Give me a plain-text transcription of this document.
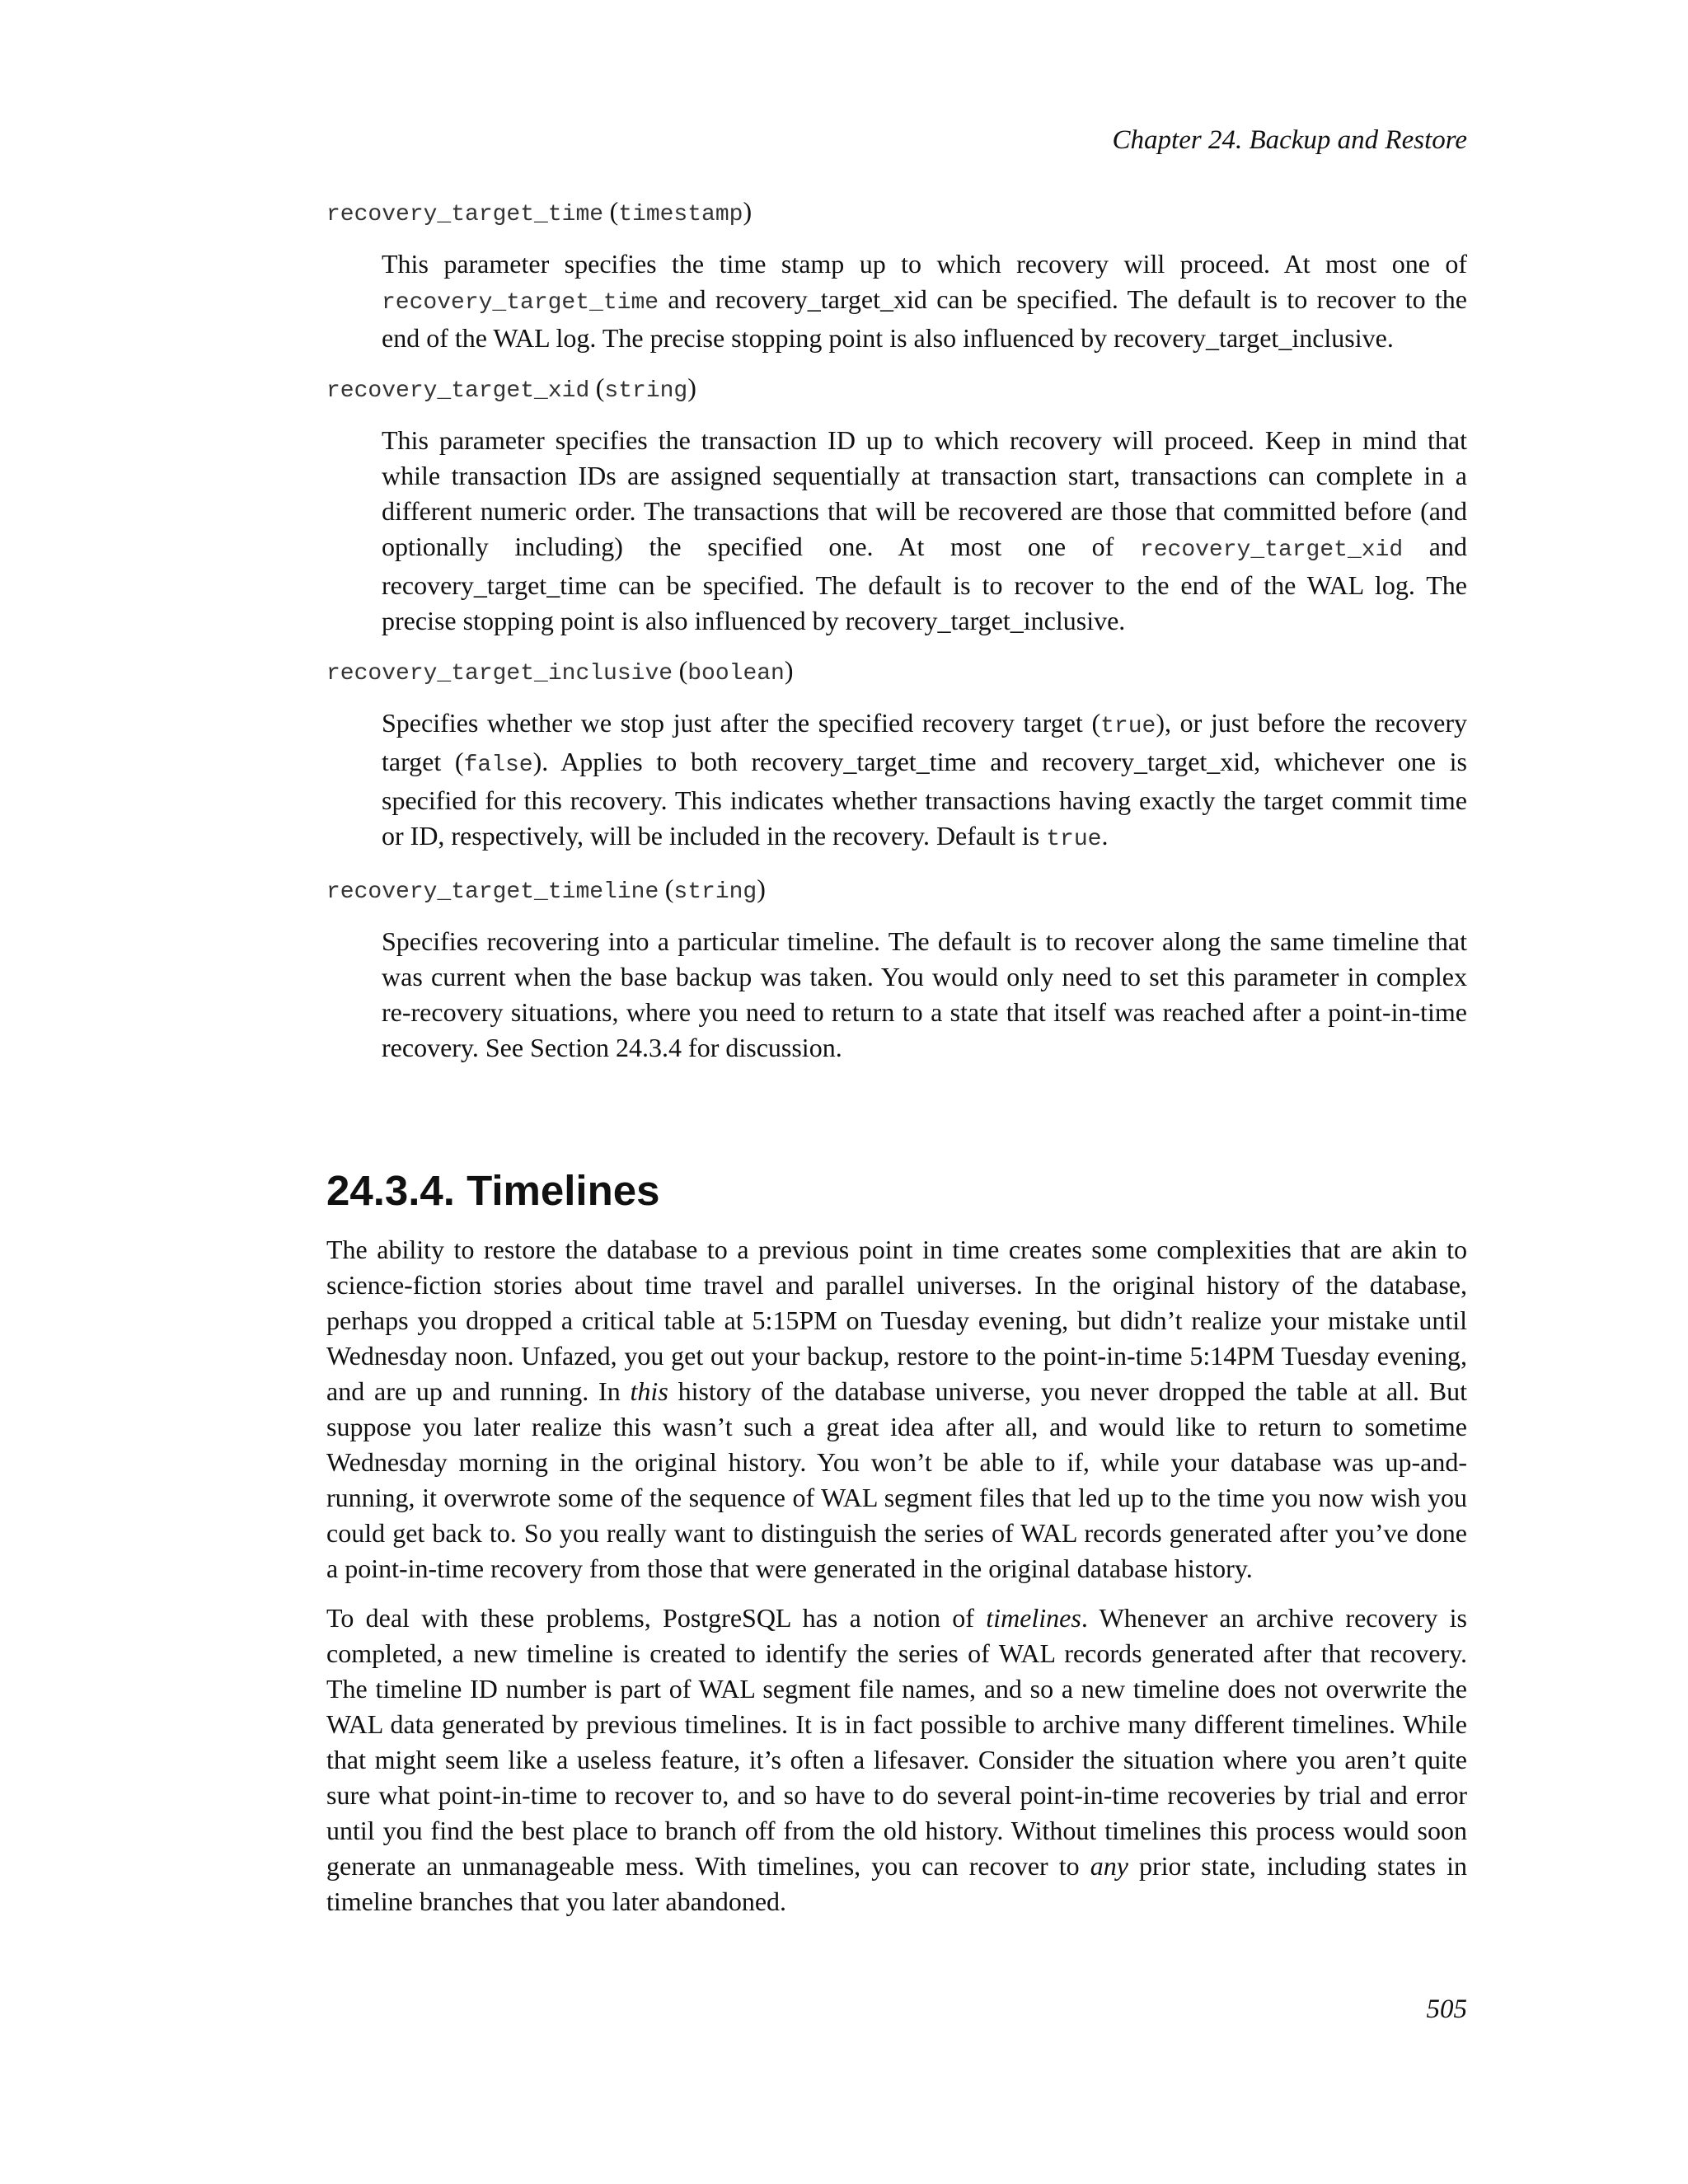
Chapter 24. Backup and Restore

recovery_target_time (timestamp)

This parameter specifies the time stamp up to which recovery will proceed. At most one of recovery_target_time and recovery_target_xid can be specified. The default is to recover to the end of the WAL log. The precise stopping point is also influenced by recovery_target_inclusive.

recovery_target_xid (string)

This parameter specifies the transaction ID up to which recovery will proceed. Keep in mind that while transaction IDs are assigned sequentially at transaction start, transactions can complete in a different numeric order. The transactions that will be recovered are those that committed before (and optionally including) the specified one. At most one of recovery_target_xid and recovery_target_time can be specified. The default is to recover to the end of the WAL log. The precise stopping point is also influenced by recovery_target_inclusive.

recovery_target_inclusive (boolean)

Specifies whether we stop just after the specified recovery target (true), or just before the recovery target (false). Applies to both recovery_target_time and recovery_target_xid, whichever one is specified for this recovery. This indicates whether transactions having exactly the target commit time or ID, respectively, will be included in the recovery. Default is true.

recovery_target_timeline (string)

Specifies recovering into a particular timeline. The default is to recover along the same timeline that was current when the base backup was taken. You would only need to set this parameter in complex re-recovery situations, where you need to return to a state that itself was reached after a point-in-time recovery. See Section 24.3.4 for discussion.

24.3.4. Timelines

The ability to restore the database to a previous point in time creates some complexities that are akin to science-fiction stories about time travel and parallel universes. In the original history of the database, perhaps you dropped a critical table at 5:15PM on Tuesday evening, but didn’t realize your mistake until Wednesday noon. Unfazed, you get out your backup, restore to the point-in-time 5:14PM Tuesday evening, and are up and running. In this history of the database universe, you never dropped the table at all. But suppose you later realize this wasn’t such a great idea after all, and would like to return to sometime Wednesday morning in the original history. You won’t be able to if, while your database was up-and-running, it overwrote some of the sequence of WAL segment files that led up to the time you now wish you could get back to. So you really want to distinguish the series of WAL records generated after you’ve done a point-in-time recovery from those that were generated in the original database history.

To deal with these problems, PostgreSQL has a notion of timelines. Whenever an archive recovery is completed, a new timeline is created to identify the series of WAL records generated after that recovery. The timeline ID number is part of WAL segment file names, and so a new timeline does not overwrite the WAL data generated by previous timelines. It is in fact possible to archive many different timelines. While that might seem like a useless feature, it’s often a lifesaver. Consider the situation where you aren’t quite sure what point-in-time to recover to, and so have to do several point-in-time recoveries by trial and error until you find the best place to branch off from the old history. Without timelines this process would soon generate an unmanageable mess. With timelines, you can recover to any prior state, including states in timeline branches that you later abandoned.

505
